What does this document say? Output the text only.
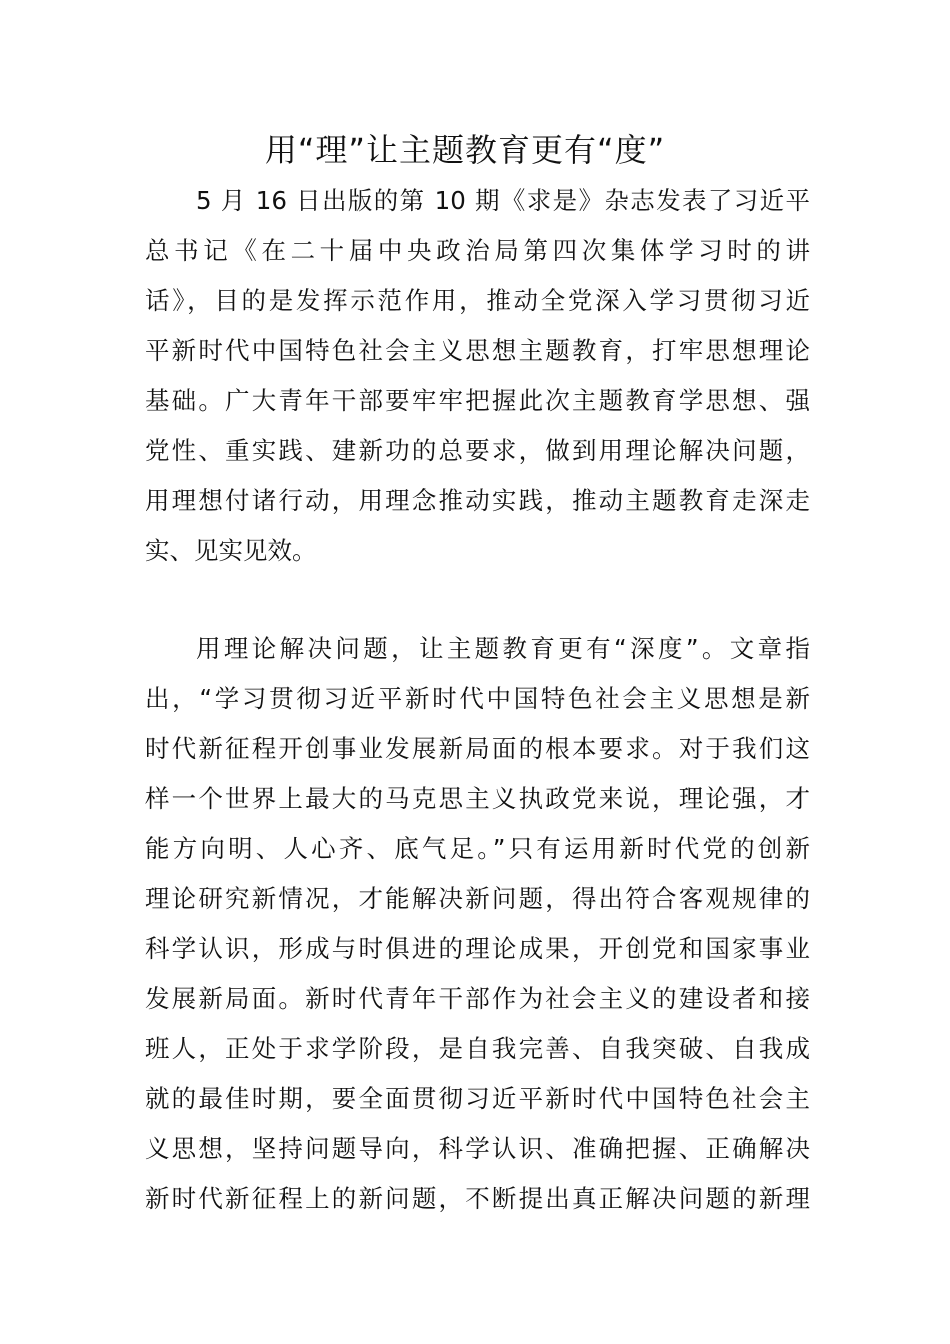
用“理”让主题教育更有“度”

5 月 16 日出版的第 10 期《求是》杂志发表了习近平

总书记《在二十届中央政治局第四次集体学习时的讲

话》，目的是发挥示范作用，推动全党深入学习贯彻习近

平新时代中国特色社会主义思想主题教育，打牢思想理论

基础。广大青年干部要牢牢把握此次主题教育学思想、强

党性、重实践、建新功的总要求，做到用理论解决问题，

用理想付诸行动，用理念推动实践，推动主题教育走深走

实、见实见效。

用理论解决问题，让主题教育更有“深度”。文章指

出，“学习贯彻习近平新时代中国特色社会主义思想是新

时代新征程开创事业发展新局面的根本要求。对于我们这

样一个世界上最大的马克思主义执政党来说，理论强，才

能方向明、人心齐、底气足。”只有运用新时代党的创新

理论研究新情况，才能解决新问题，得出符合客观规律的

科学认识，形成与时俱进的理论成果，开创党和国家事业

发展新局面。新时代青年干部作为社会主义的建设者和接

班人，正处于求学阶段，是自我完善、自我突破、自我成

就的最佳时期，要全面贯彻习近平新时代中国特色社会主

义思想，坚持问题导向，科学认识、准确把握、正确解决

新时代新征程上的新问题，不断提出真正解决问题的新理
